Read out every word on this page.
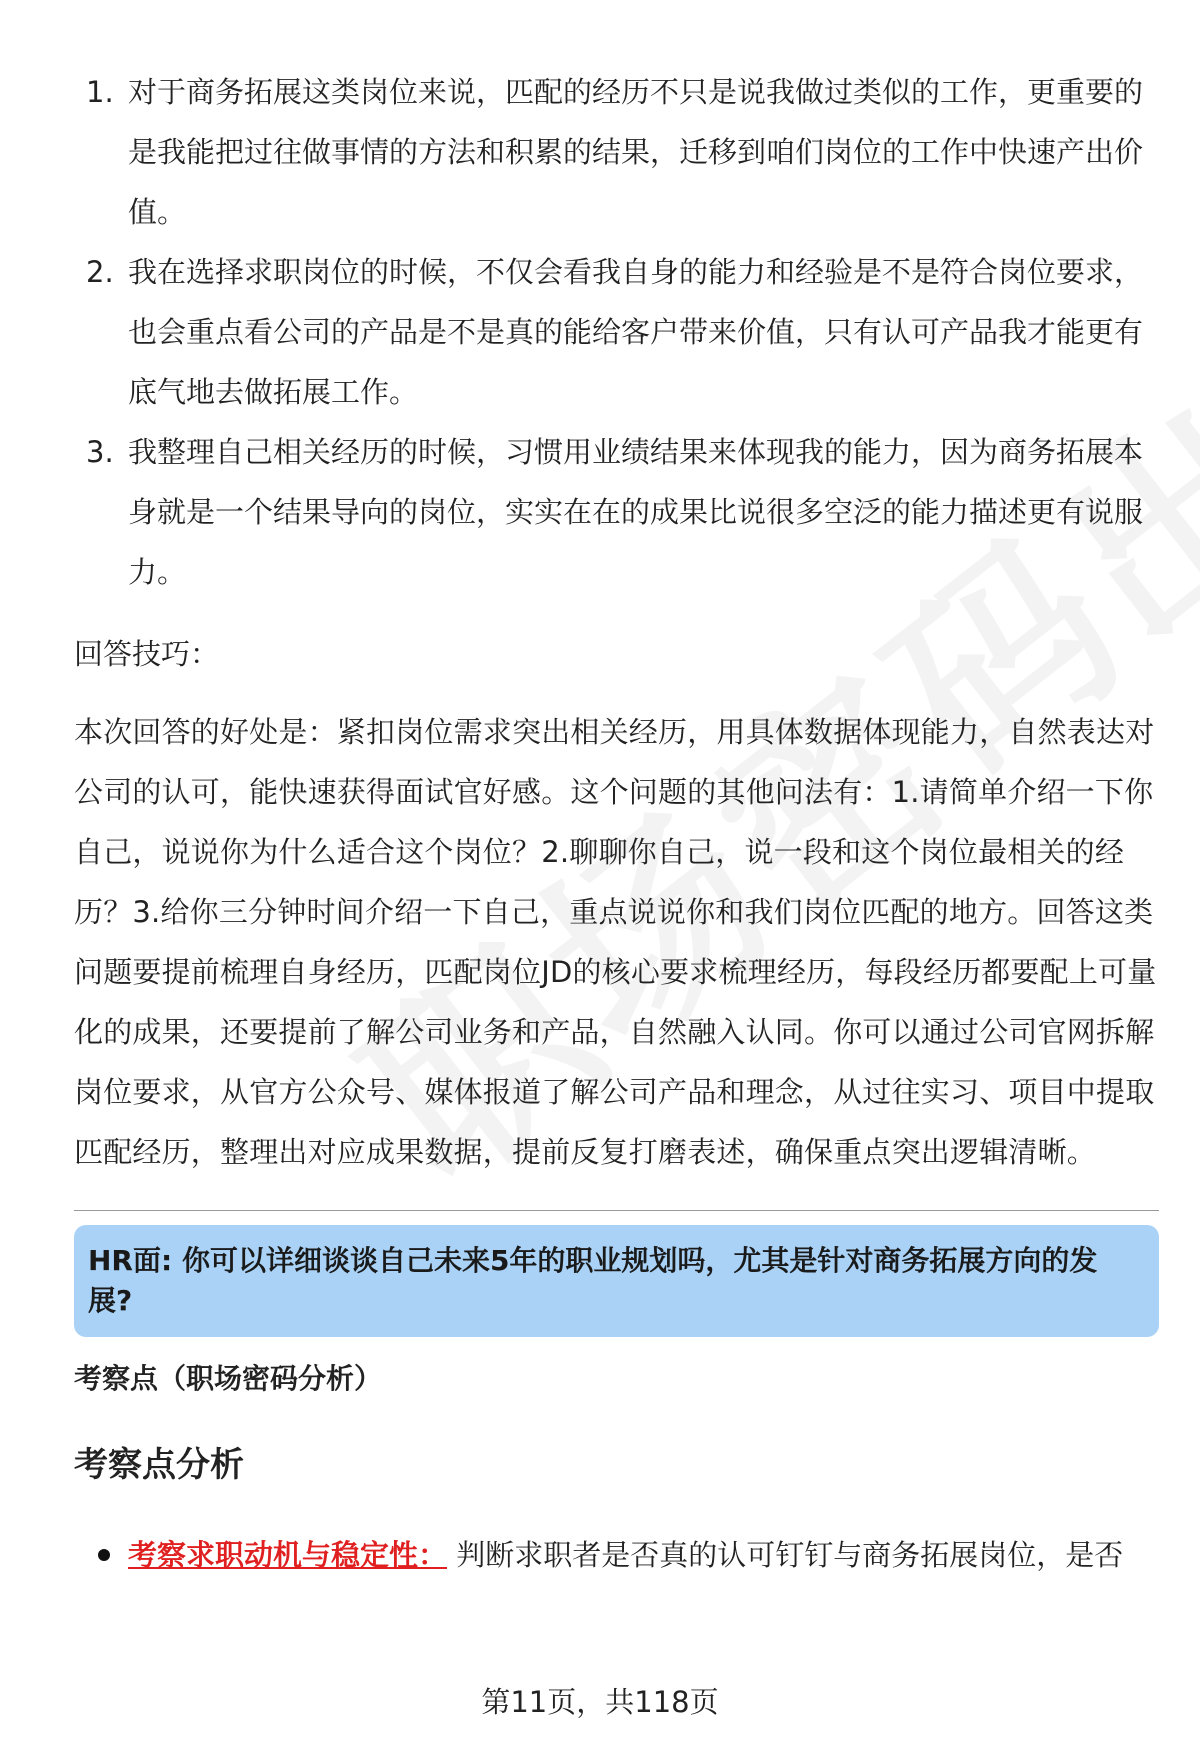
1. 对于商务拓展这类岗位来说，匹配的经历不只是说我做过类似的工作，更重要的是我能把过往做事情的方法和积累的结果，迁移到咱们岗位的工作中快速产出价值。
2. 我在选择求职岗位的时候，不仅会看我自身的能力和经验是不是符合岗位要求，也会重点看公司的产品是不是真的能给客户带来价值，只有认可产品我才能更有底气地去做拓展工作。
3. 我整理自己相关经历的时候，习惯用业绩结果来体现我的能力，因为商务拓展本身就是一个结果导向的岗位，实实在在的成果比说很多空泛的能力描述更有说服力。
回答技巧：
本次回答的好处是：紧扣岗位需求突出相关经历，用具体数据体现能力，自然表达对公司的认可，能快速获得面试官好感。这个问题的其他问法有：1.请简单介绍一下你自己，说说你为什么适合这个岗位？2.聊聊你自己，说一段和这个岗位最相关的经历？3.给你三分钟时间介绍一下自己，重点说说你和我们岗位匹配的地方。回答这类问题要提前梳理自身经历，匹配岗位JD的核心要求梳理经历，每段经历都要配上可量化的成果，还要提前了解公司业务和产品，自然融入认同。你可以通过公司官网拆解岗位要求，从官方公众号、媒体报道了解公司产品和理念，从过往实习、项目中提取匹配经历，整理出对应成果数据，提前反复打磨表述，确保重点突出逻辑清晰。
HR面: 你可以详细谈谈自己未来5年的职业规划吗，尤其是针对商务拓展方向的发展?
考察点（职场密码分析）
考察点分析
考察求职动机与稳定性： 判断求职者是否真的认可钉钉与商务拓展岗位，是否
第11页，共118页
